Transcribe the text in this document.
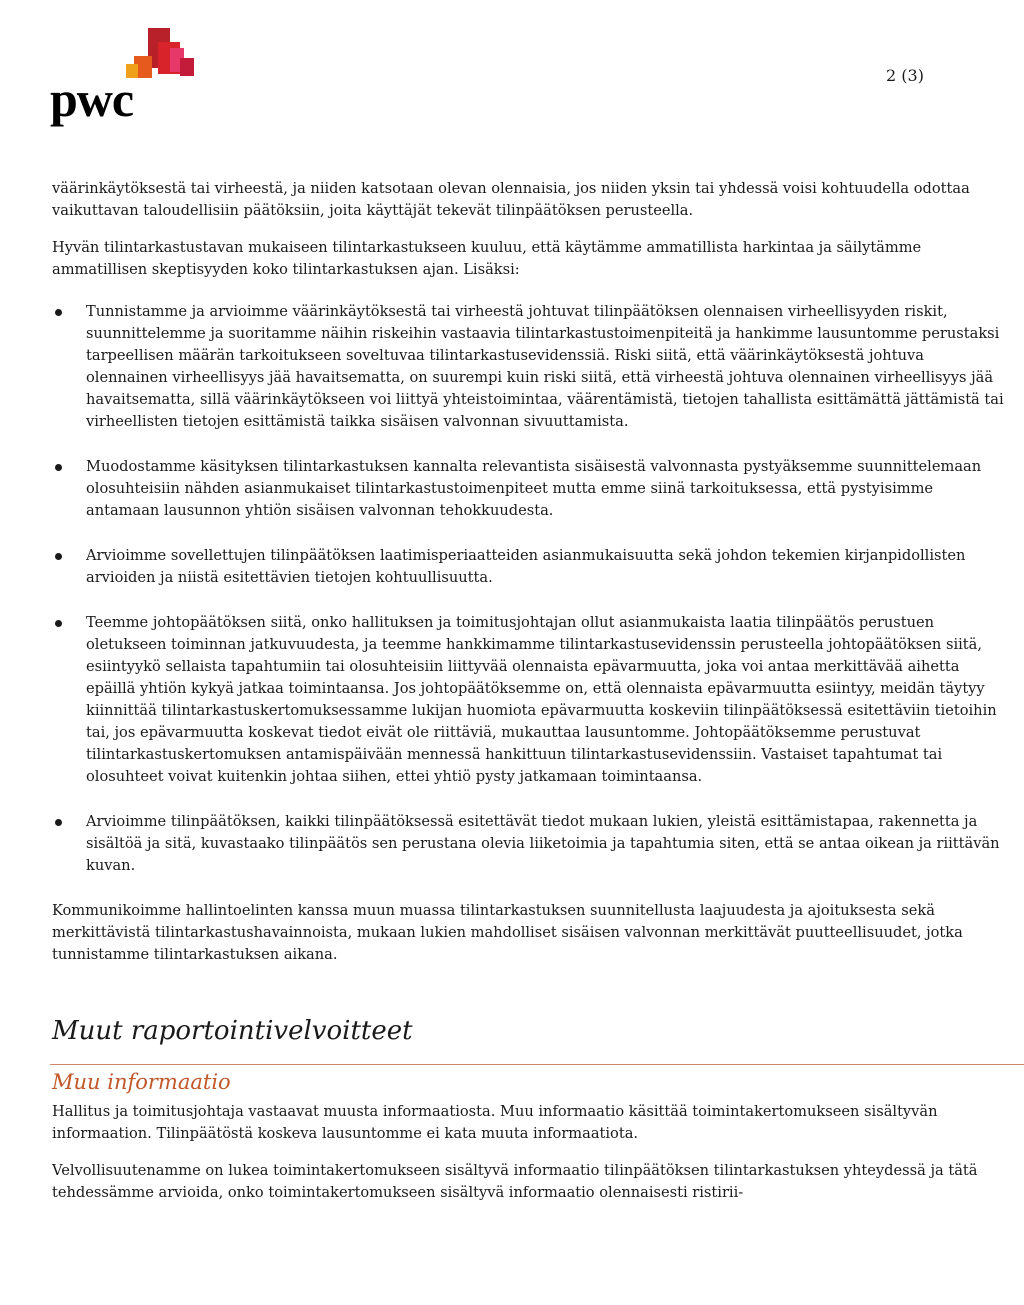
pwc	2 (3)

väärinkäytöksestä tai virheestä, ja niiden katsotaan olevan olennaisia, jos niiden yksin tai yhdessä voisi kohtuudella odottaa vaikuttavan taloudellisiin päätöksiin, joita käyttäjät tekevät tilinpäätöksen perusteella.

Hyvän tilintarkastustavan mukaiseen tilintarkastukseen kuuluu, että käytämme ammatillista harkintaa ja säilytämme ammatillisen skeptisyyden koko tilintarkastuksen ajan. Lisäksi:

Tunnistamme ja arvioimme väärinkäytöksestä tai virheestä johtuvat tilinpäätöksen olennaisen virheellisyyden riskit, suunnittelemme ja suoritamme näihin riskeihin vastaavia tilintarkastustoimenpiteitä ja hankimme lausuntomme perustaksi tarpeellisen määrän tarkoitukseen soveltuvaa tilintarkastusevidenssiä. Riski siitä, että väärinkäytöksestä johtuva olennainen virheellisyys jää havaitsematta, on suurempi kuin riski siitä, että virheestä johtuva olennainen virheellisyys jää havaitsematta, sillä väärinkäytökseen voi liittyä yhteistoimintaa, väärentämistä, tietojen tahallista esittämättä jättämistä tai virheellisten tietojen esittämistä taikka sisäisen valvonnan sivuuttamista.
Muodostamme käsityksen tilintarkastuksen kannalta relevantista sisäisestä valvonnasta pystyäksemme suunnittelemaan olosuhteisiin nähden asianmukaiset tilintarkastustoimenpiteet mutta emme siinä tarkoituksessa, että pystyisimme antamaan lausunnon yhtiön sisäisen valvonnan tehokkuudesta.
Arvioimme sovellettujen tilinpäätöksen laatimisperiaatteiden asianmukaisuutta sekä johdon tekemien kirjanpidollisten arvioiden ja niistä esitettävien tietojen kohtuullisuutta.
Teemme johtopäätöksen siitä, onko hallituksen ja toimitusjohtajan ollut asianmukaista laatia tilinpäätös perustuen oletukseen toiminnan jatkuvuudesta, ja teemme hankkimamme tilintarkastusevidenssin perusteella johtopäätöksen siitä, esiintyykö sellaista tapahtumiin tai olosuhteisiin liittyvää olennaista epävarmuutta, joka voi antaa merkittävää aihetta epäillä yhtiön kykyä jatkaa toimintaansa. Jos johtopäätöksemme on, että olennaista epävarmuutta esiintyy, meidän täytyy kiinnittää tilintarkastuskertomuksessamme lukijan huomiota epävarmuutta koskeviin tilinpäätöksessä esitettäviin tietoihin tai, jos epävarmuutta koskevat tiedot eivät ole riittäviä, mukauttaa lausuntomme. Johtopäätöksemme perustuvat tilintarkastuskertomuksen antamispäivään mennessä hankittuun tilintarkastusevidenssiin. Vastaiset tapahtumat tai olosuhteet voivat kuitenkin johtaa siihen, ettei yhtiö pysty jatkamaan toimintaansa.
Arvioimme tilinpäätöksen, kaikki tilinpäätöksessä esitettävät tiedot mukaan lukien, yleistä esittämistapaa, rakennetta ja sisältöä ja sitä, kuvastaako tilinpäätös sen perustana olevia liiketoimia ja tapahtumia siten, että se antaa oikean ja riittävän kuvan.

Kommunikoimme hallintoelinten kanssa muun muassa tilintarkastuksen suunnitellusta laajuudesta ja ajoituksesta sekä merkittävistä tilintarkastushavainnoista, mukaan lukien mahdolliset sisäisen valvonnan merkittävät puutteellisuudet, jotka tunnistamme tilintarkastuksen aikana.

Muut raportointivelvoitteet
Muu informaatio

Hallitus ja toimitusjohtaja vastaavat muusta informaatiosta. Muu informaatio käsittää toimintakertomukseen sisältyvän informaation. Tilinpäätöstä koskeva lausuntomme ei kata muuta informaatiota.

Velvollisuutenamme on lukea toimintakertomukseen sisältyvä informaatio tilinpäätöksen tilintarkastuksen yhteydessä ja tätä tehdessämme arvioida, onko toimintakertomukseen sisältyvä informaatio olennaisesti ristirii-
